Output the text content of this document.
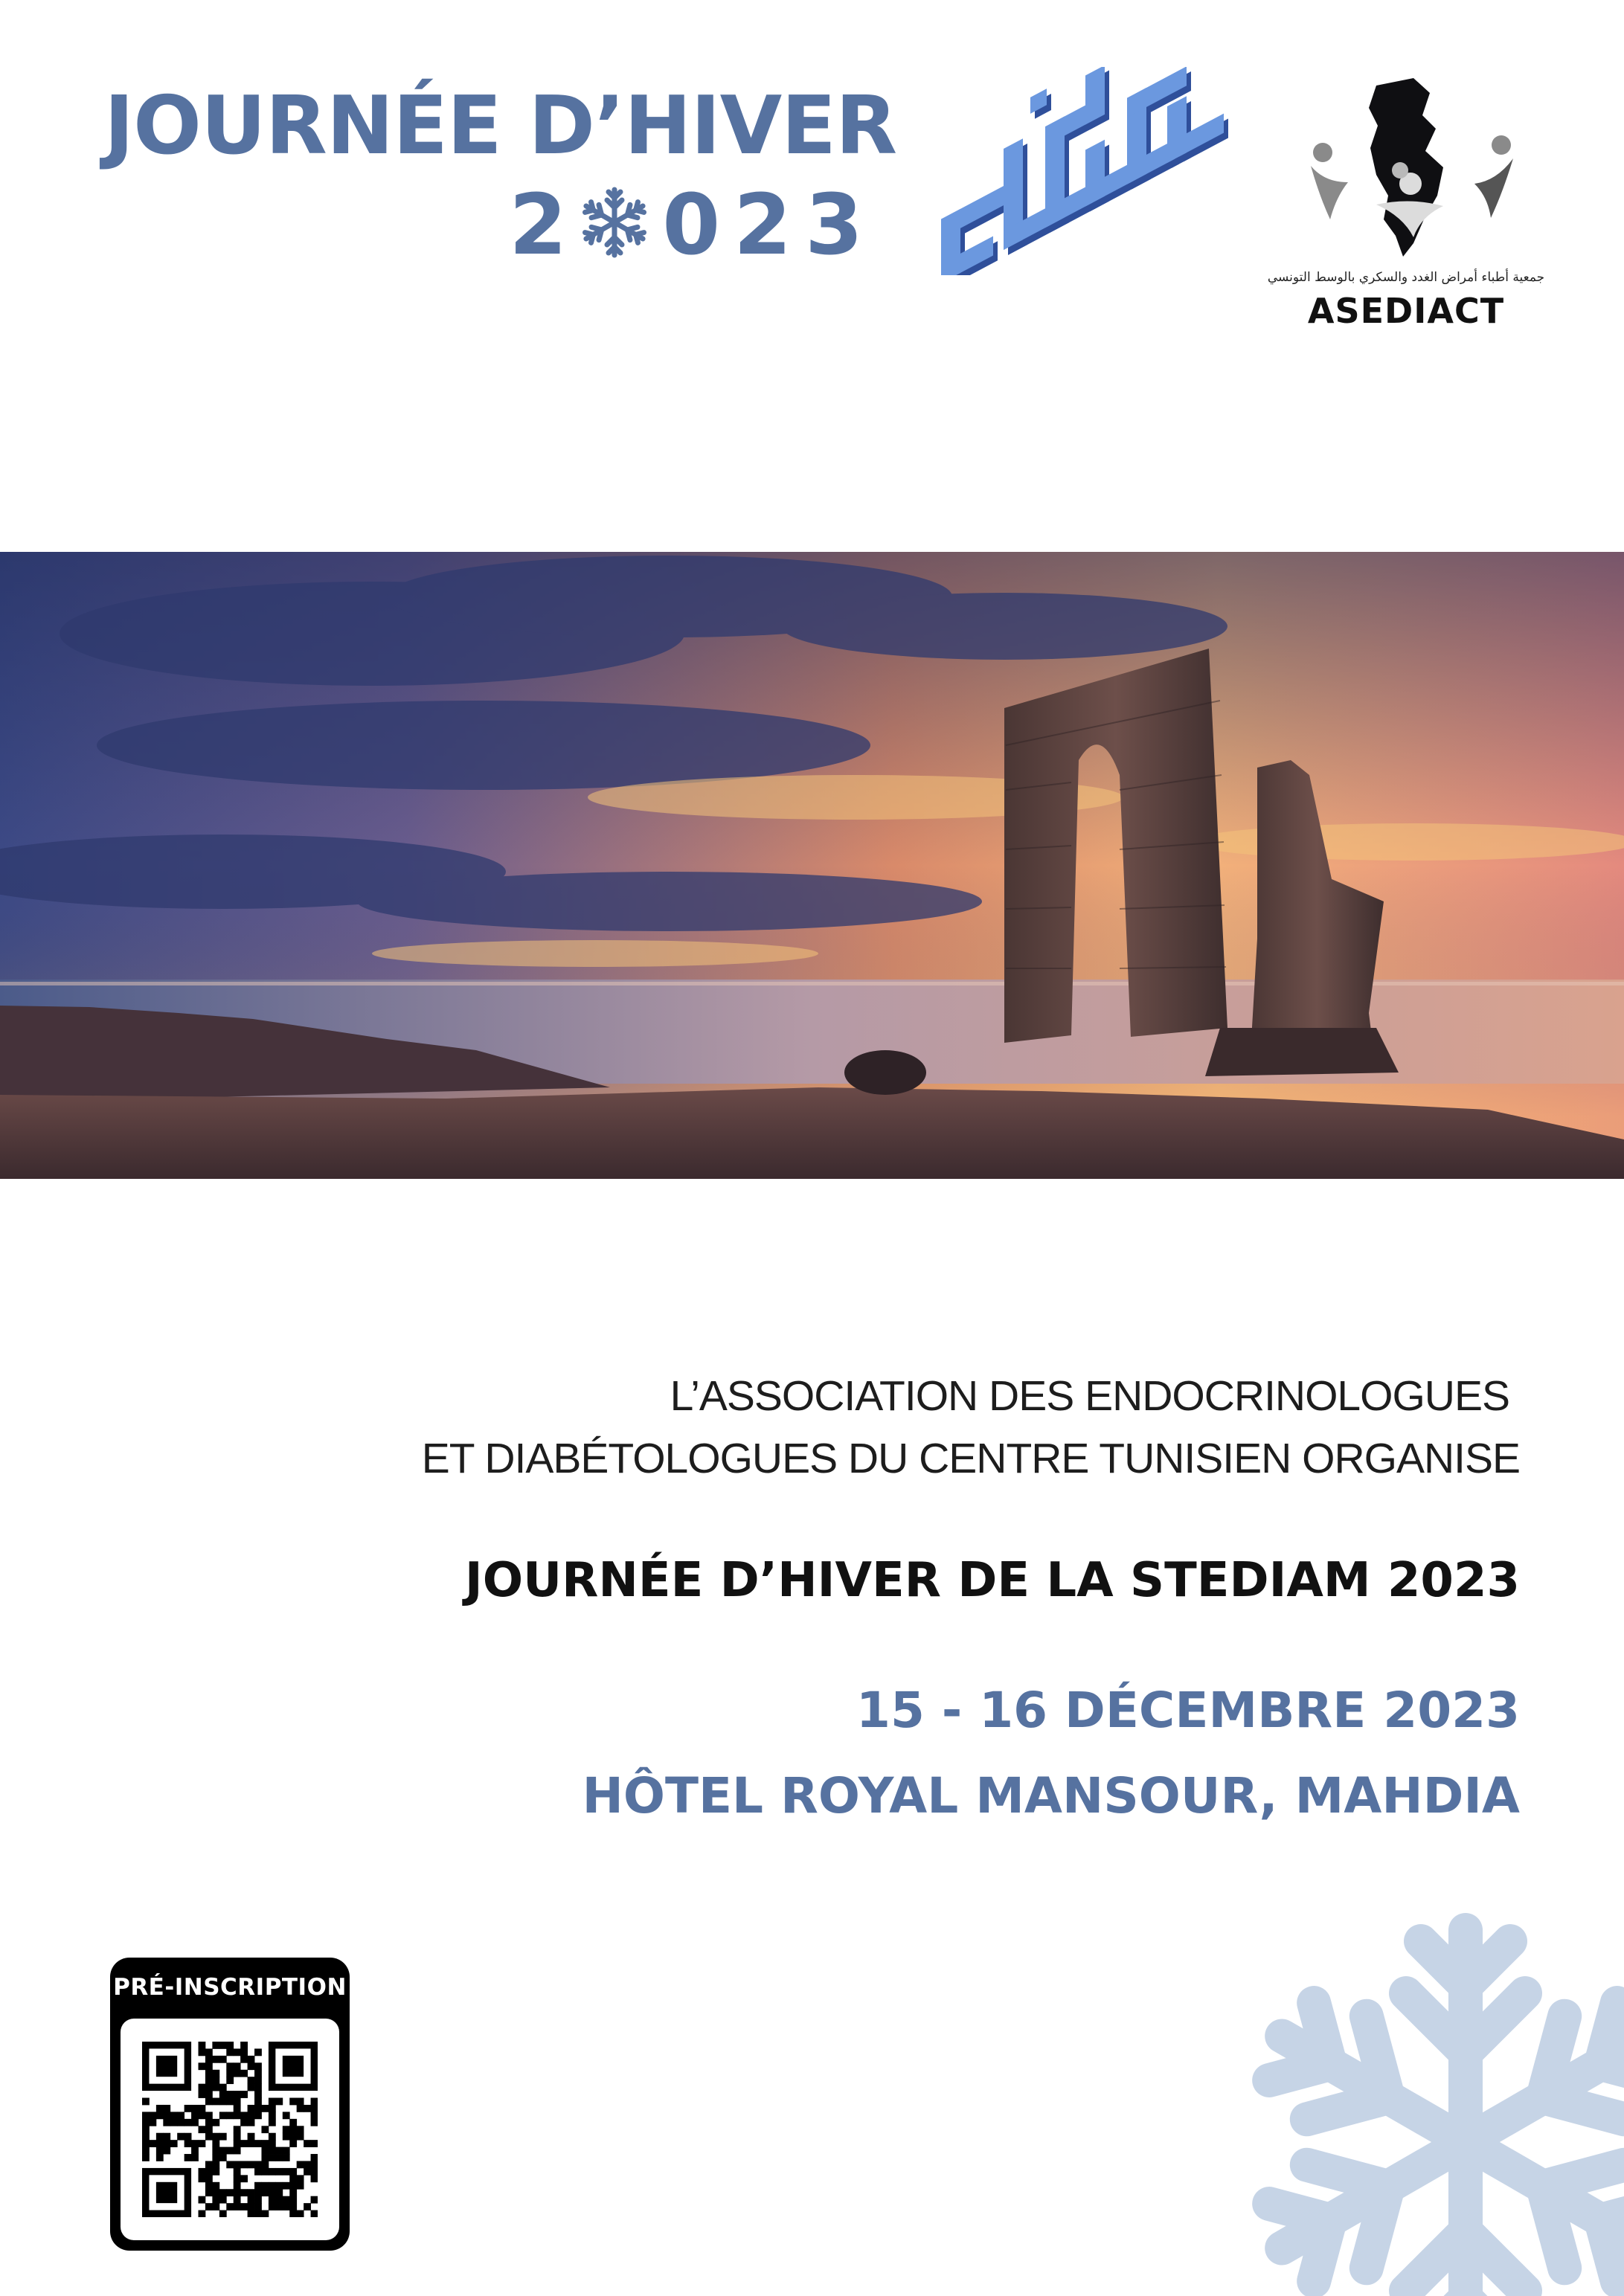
JOURNÉE D’HIVER
2 0 2 3
جمعية أطباء أمراض الغدد والسكري بالوسط التونسي
ASEDIACT
L’ASSOCIATION DES ENDOCRINOLOGUES
ET DIABÉTOLOGUES DU CENTRE TUNISIEN ORGANISE
JOURNÉE D’HIVER DE LA STEDIAM 2023
15 - 16 DÉCEMBRE 2023
HÔTEL ROYAL MANSOUR, MAHDIA
PRÉ-INSCRIPTION
